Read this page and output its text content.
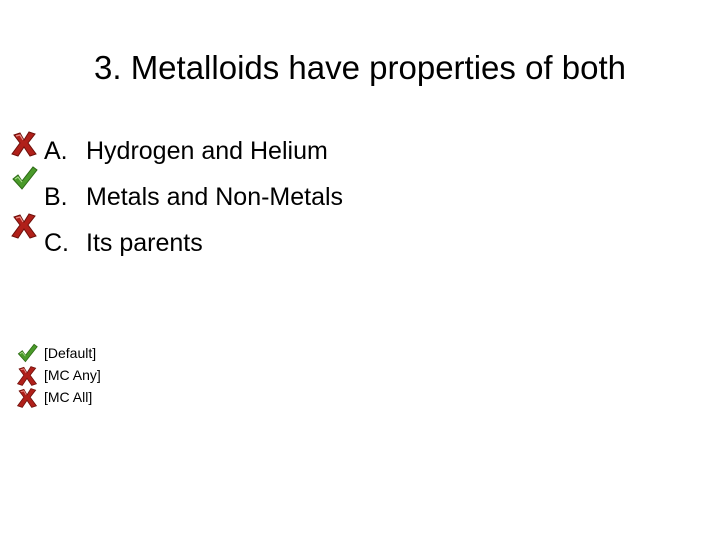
3. Metalloids have properties of both
A. Hydrogen and Helium
B. Metals and Non-Metals
C. Its parents
[Default]
[MC Any]
[MC All]
